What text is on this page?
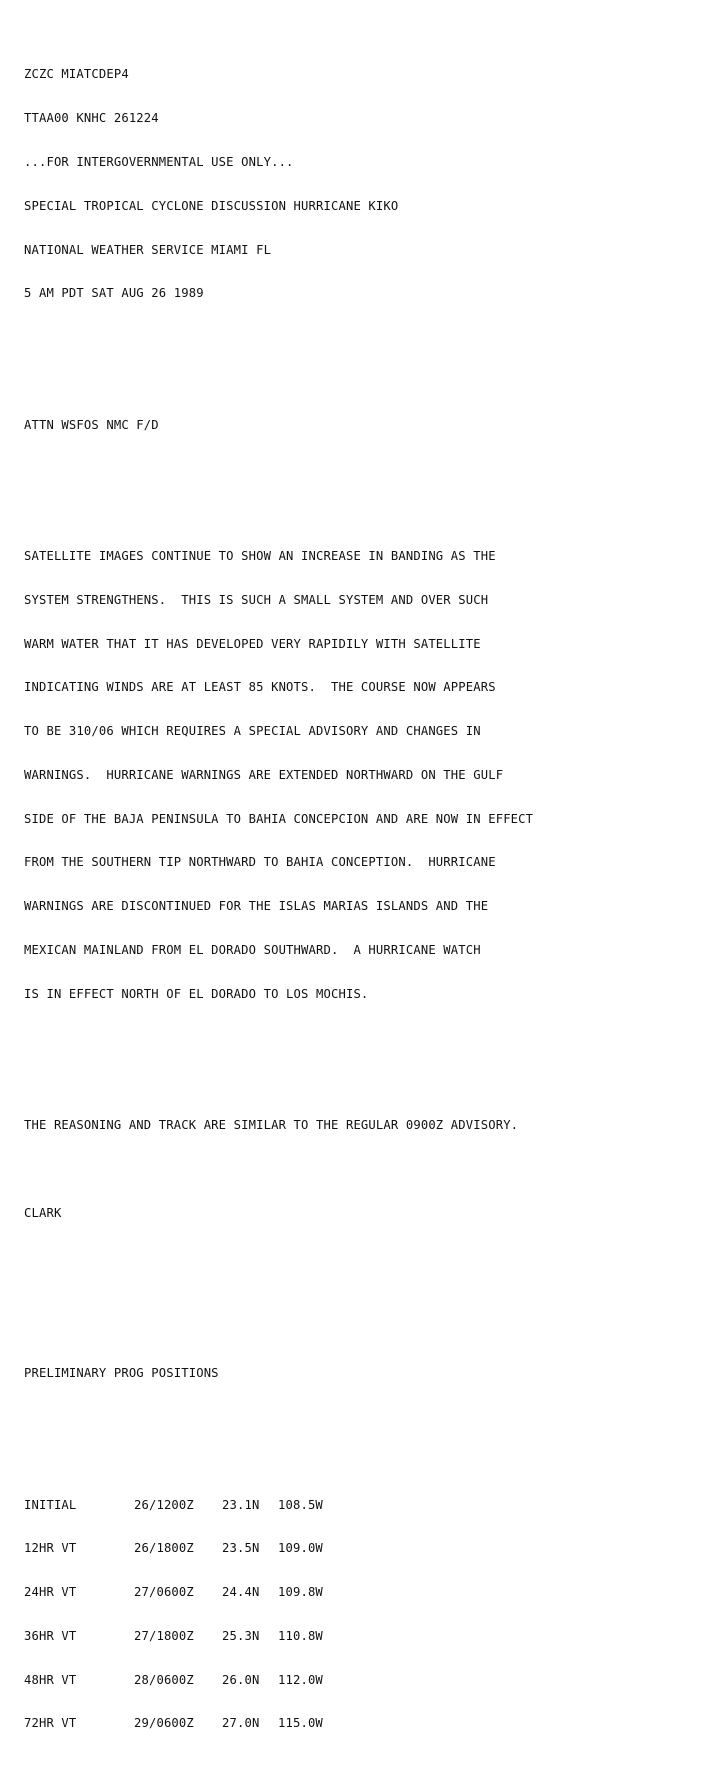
ZCZC MIATCDEP4

TTAA00 KNHC 261224

...FOR INTERGOVERNMENTAL USE ONLY...

SPECIAL TROPICAL CYCLONE DISCUSSION HURRICANE KIKO

NATIONAL WEATHER SERVICE MIAMI FL

5 AM PDT SAT AUG 26 1989

ATTN WSFOS NMC F/D

SATELLITE IMAGES CONTINUE TO SHOW AN INCREASE IN BANDING AS THE

SYSTEM STRENGTHENS.  THIS IS SUCH A SMALL SYSTEM AND OVER SUCH

WARM WATER THAT IT HAS DEVELOPED VERY RAPIDILY WITH SATELLITE

INDICATING WINDS ARE AT LEAST 85 KNOTS.  THE COURSE NOW APPEARS

TO BE 310/06 WHICH REQUIRES A SPECIAL ADVISORY AND CHANGES IN

WARNINGS.  HURRICANE WARNINGS ARE EXTENDED NORTHWARD ON THE GULF

SIDE OF THE BAJA PENINSULA TO BAHIA CONCEPCION AND ARE NOW IN EFFECT

FROM THE SOUTHERN TIP NORTHWARD TO BAHIA CONCEPTION.  HURRICANE

WARNINGS ARE DISCONTINUED FOR THE ISLAS MARIAS ISLANDS AND THE

MEXICAN MAINLAND FROM EL DORADO SOUTHWARD.  A HURRICANE WATCH

IS IN EFFECT NORTH OF EL DORADO TO LOS MOCHIS.

THE REASONING AND TRACK ARE SIMILAR TO THE REGULAR 0900Z ADVISORY.

CLARK

PRELIMINARY PROG POSITIONS

INITIAL	26/1200Z 23.1N 108.5W

12HR VT	26/1800Z 23.5N 109.0W

24HR VT	27/0600Z 24.4N 109.8W

36HR VT	27/1800Z 25.3N 110.8W

48HR VT	28/0600Z 26.0N 112.0W

72HR VT	29/0600Z 27.0N 115.0W
